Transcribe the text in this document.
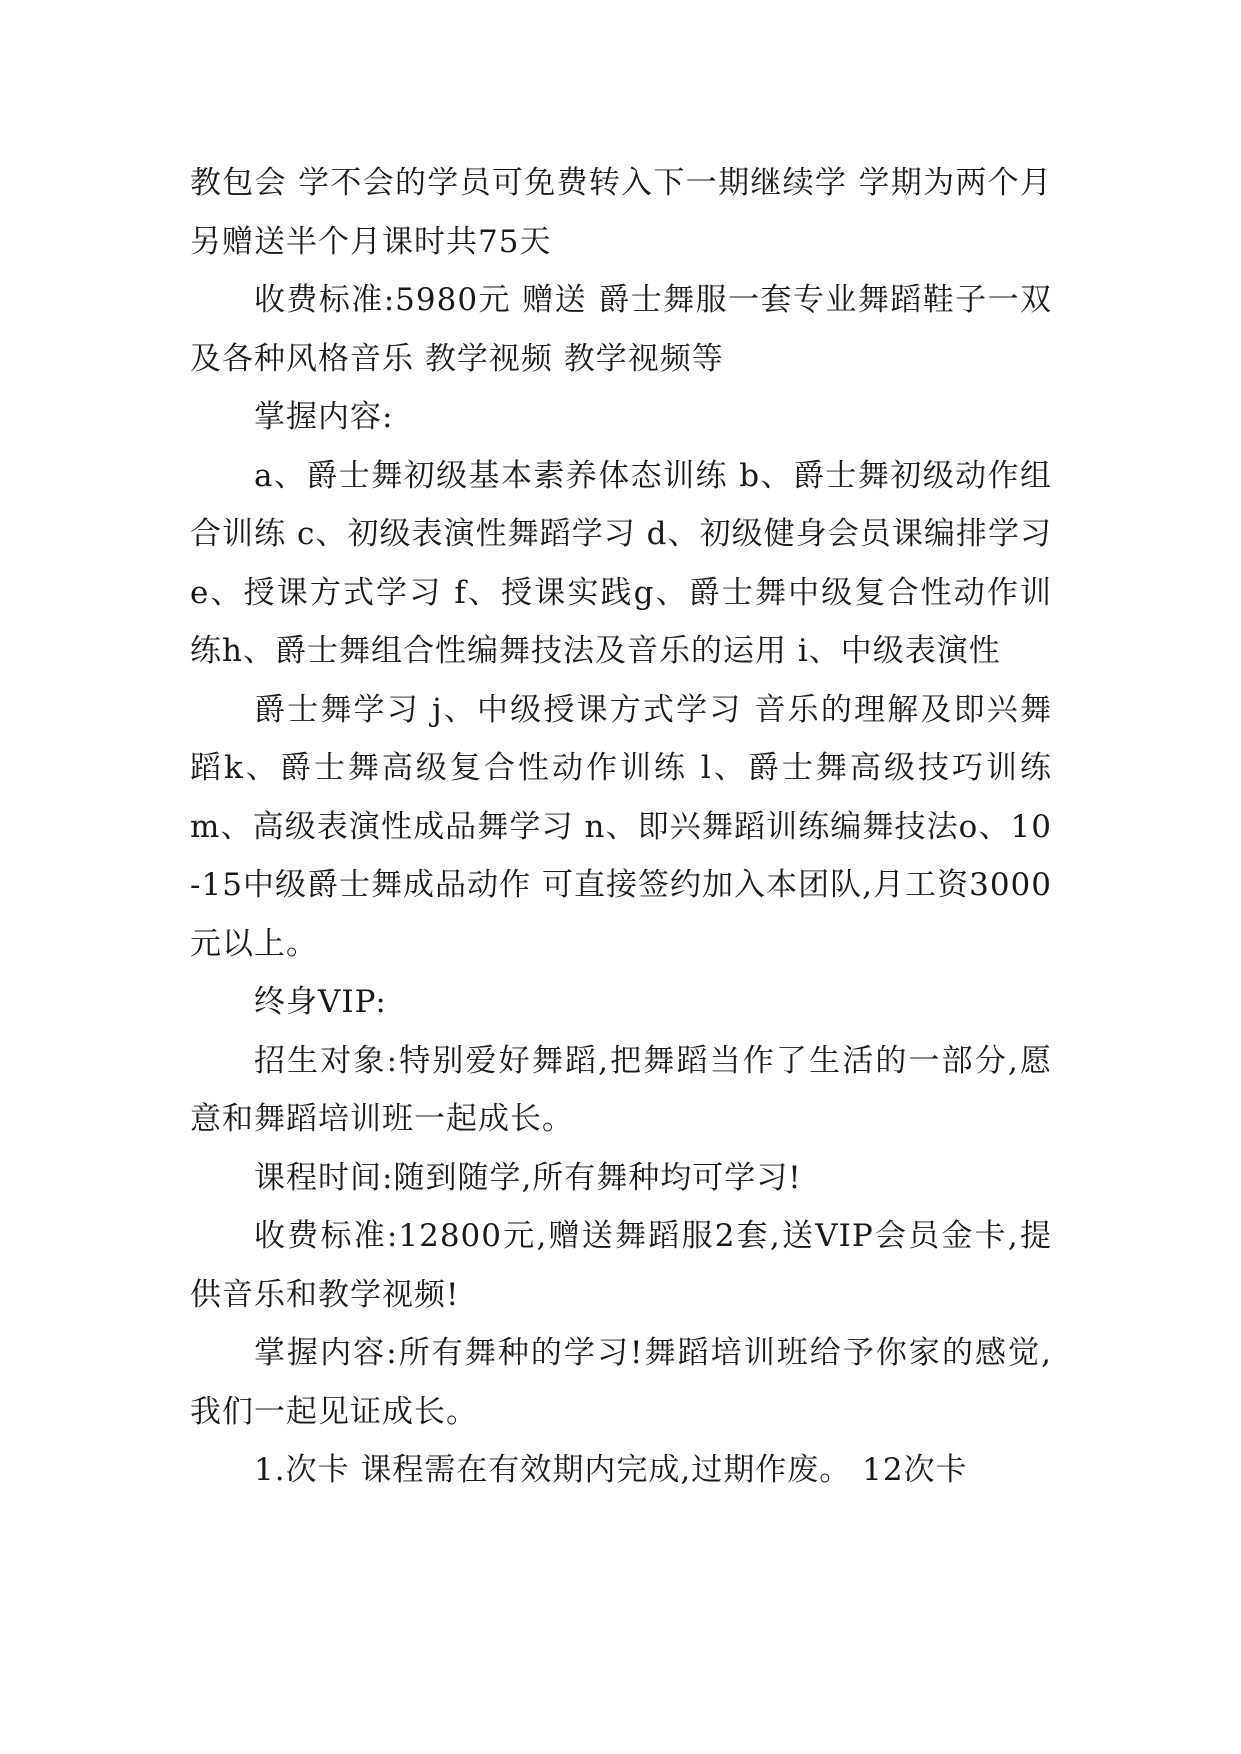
教包会 学不会的学员可免费转入下一期继续学 学期为两个月 另赠送半个月课时共75天

收费标准:5980元 赠送 爵士舞服一套专业舞蹈鞋子一双 及各种风格音乐 教学视频 教学视频等

掌握内容:

a、爵士舞初级基本素养体态训练 b、爵士舞初级动作组合训练 c、初级表演性舞蹈学习 d、初级健身会员课编排学习 e、授课方式学习 f、授课实践g、爵士舞中级复合性动作训练h、爵士舞组合性编舞技法及音乐的运用 i、中级表演性

爵士舞学习 j、中级授课方式学习 音乐的理解及即兴舞蹈k、爵士舞高级复合性动作训练 l、爵士舞高级技巧训练 m、高级表演性成品舞学习 n、即兴舞蹈训练编舞技法o、10-15中级爵士舞成品动作 可直接签约加入本团队,月工资3000元以上。

终身VIP:

招生对象:特别爱好舞蹈,把舞蹈当作了生活的一部分,愿意和舞蹈培训班一起成长。

课程时间:随到随学,所有舞种均可学习!

收费标准:12800元,赠送舞蹈服2套,送VIP会员金卡,提供音乐和教学视频!

掌握内容:所有舞种的学习!舞蹈培训班给予你家的感觉,我们一起见证成长。

1.次卡 课程需在有效期内完成,过期作废。 12次卡
